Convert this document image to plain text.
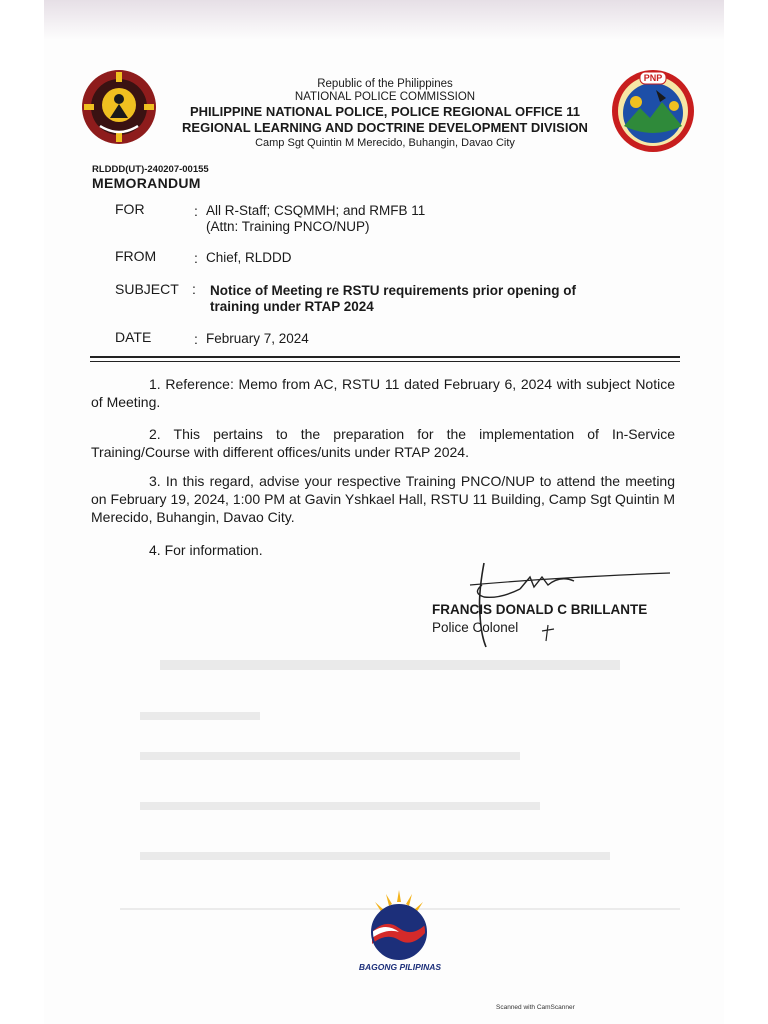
PNP
Republic of the Philippines
NATIONAL POLICE COMMISSION
PHILIPPINE NATIONAL POLICE, POLICE REGIONAL OFFICE 11
REGIONAL LEARNING AND DOCTRINE DEVELOPMENT DIVISION
Camp Sgt Quintin M Merecido, Buhangin, Davao City
RLDDD(UT)-240207-00155
MEMORANDUM
FOR	: All R-Staff; CSQMMH; and RMFB 11
(Attn: Training PNCO/NUP)
FROM	: Chief, RLDDD
SUBJECT : Notice of Meeting re RSTU requirements prior opening of
training under RTAP 2024
DATE	: February 7, 2024
1. Reference: Memo from AC, RSTU 11 dated February 6, 2024 with subject Notice of Meeting.
2. This pertains to the preparation for the implementation of In-Service Training/Course with different offices/units under RTAP 2024.
3. In this regard, advise your respective Training PNCO/NUP to attend the meeting on February 19, 2024, 1:00 PM at Gavin Yshkael Hall, RSTU 11 Building, Camp Sgt Quintin M Merecido, Buhangin, Davao City.
4. For information.
FRANCIS DONALD C BRILLANTE
Police Colonel
BAGONG PILIPINAS
Scanned with CamScanner
